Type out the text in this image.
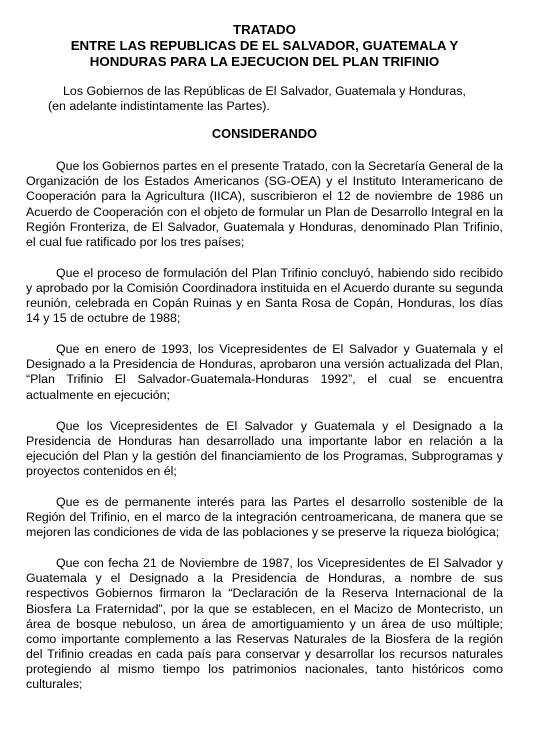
TRATADO

ENTRE LAS REPUBLICAS DE EL SALVADOR, GUATEMALA Y

HONDURAS PARA LA EJECUCION DEL PLAN TRIFINIO

Los Gobiernos de las Repúblicas de El Salvador, Guatemala y Honduras,
(en adelante indistintamente las Partes).

CONSIDERANDO

Que los Gobiernos partes en el presente Tratado, con la Secretaría General de la Organización de los Estados Americanos (SG-OEA) y el Instituto Interamericano de Cooperación para la Agricultura (IICA), suscribieron el 12 de noviembre de 1986 un Acuerdo de Cooperación con el objeto de formular un Plan de Desarrollo Integral en la Región Fronteriza, de El Salvador, Guatemala y Honduras, denominado Plan Trifinio, el cual fue ratificado por los tres países;

Que el proceso de formulación del Plan Trifinio concluyó, habiendo sido recibido y aprobado por la Comisión Coordinadora instituida en el Acuerdo durante su segunda reunión, celebrada en Copán Ruinas y en Santa Rosa de Copán, Honduras, los días 14 y 15 de octubre de 1988;

Que en enero de 1993, los Vicepresidentes de El Salvador y Guatemala y el Designado a la Presidencia de Honduras, aprobaron una versión actualizada del Plan, “Plan Trifinio El Salvador-Guatemala-Honduras 1992”, el cual se encuentra actualmente en ejecución;

Que los Vicepresidentes de El Salvador y Guatemala y el Designado a la Presidencia de Honduras han desarrollado una importante labor en relación a la ejecución del Plan y la gestión del financiamiento de los Programas, Subprogramas y proyectos contenidos en él;

Que es de permanente interés para las Partes el desarrollo sostenible de la Región del Trifinio, en el marco de la integración centroamericana, de manera que se mejoren las condiciones de vida de las poblaciones y se preserve la riqueza biológica;

Que con fecha 21 de Noviembre de 1987, los Vicepresidentes de El Salvador y Guatemala y el Designado a la Presidencia de Honduras, a nombre de sus respectivos Gobiernos firmaron la “Declaración de la Reserva Internacional de la Biosfera La Fraternidad”, por la que se establecen, en el Macizo de Montecristo, un área de bosque nebuloso, un área de amortiguamiento y un área de uso múltiple; como importante complemento a las Reservas Naturales de la Biosfera de la región del Trifinio creadas en cada país para conservar y desarrollar los recursos naturales protegiendo al mismo tiempo los patrimonios nacionales, tanto históricos como culturales;
